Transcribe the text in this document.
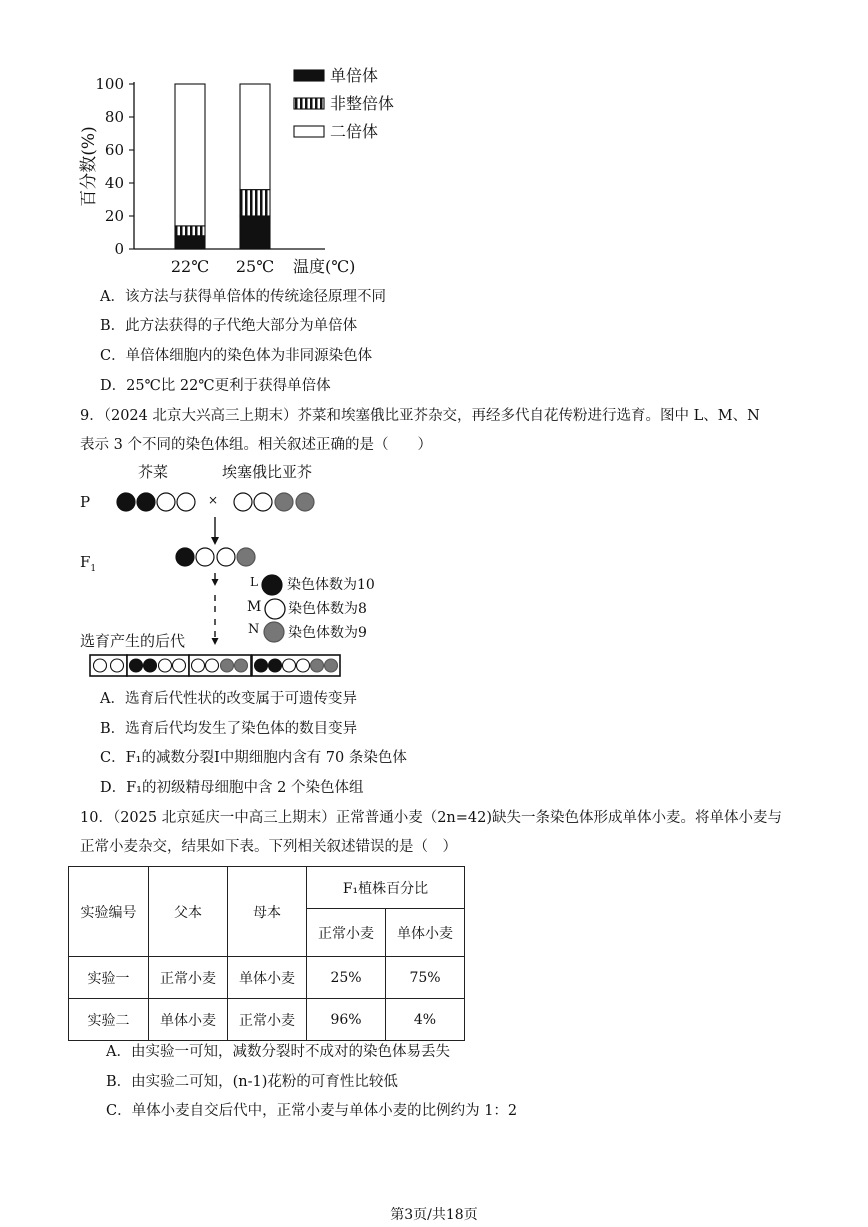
0
20
40
60
80
100
百分数(%)
22℃ 25℃ 温度(℃)
单倍体
非整倍体
二倍体
A．该方法与获得单倍体的传统途径原理不同
B．此方法获得的子代绝大部分为单倍体
C．单倍体细胞内的染色体为非同源染色体
D．25℃比 22℃更利于获得单倍体
9．（2024 北京大兴高三上期末）芥菜和埃塞俄比亚芥杂交，再经多代自花传粉进行选育。图中 L、M、N
表示 3 个不同的染色体组。相关叙述正确的是（　　）
芥菜	埃塞俄比亚芥
P	×
$F_1$
选育产生的后代
L 染色体数为10
M 染色体数为8
N 染色体数为9
A．选育后代性状的改变属于可遗传变异
B．选育后代均发生了染色体的数目变异
C．F₁的减数分裂Ⅰ中期细胞内含有 70 条染色体
D．F₁的初级精母细胞中含 2 个染色体组
10．（2025 北京延庆一中高三上期末）正常普通小麦（2n=42)缺失一条染色体形成单体小麦。将单体小麦与
正常小麦杂交，结果如下表。下列相关叙述错误的是（　）
实验编号	父本	母本	F₁植株百分比	
			正常小麦	单体小麦
实验一	正常小麦	单体小麦	25%	75%
实验二	单体小麦	正常小麦	96%	4%
A．由实验一可知，减数分裂时不成对的染色体易丢失
B．由实验二可知，(n-1)花粉的可育性比较低
C．单体小麦自交后代中，正常小麦与单体小麦的比例约为 1：2
第3页/共18页
